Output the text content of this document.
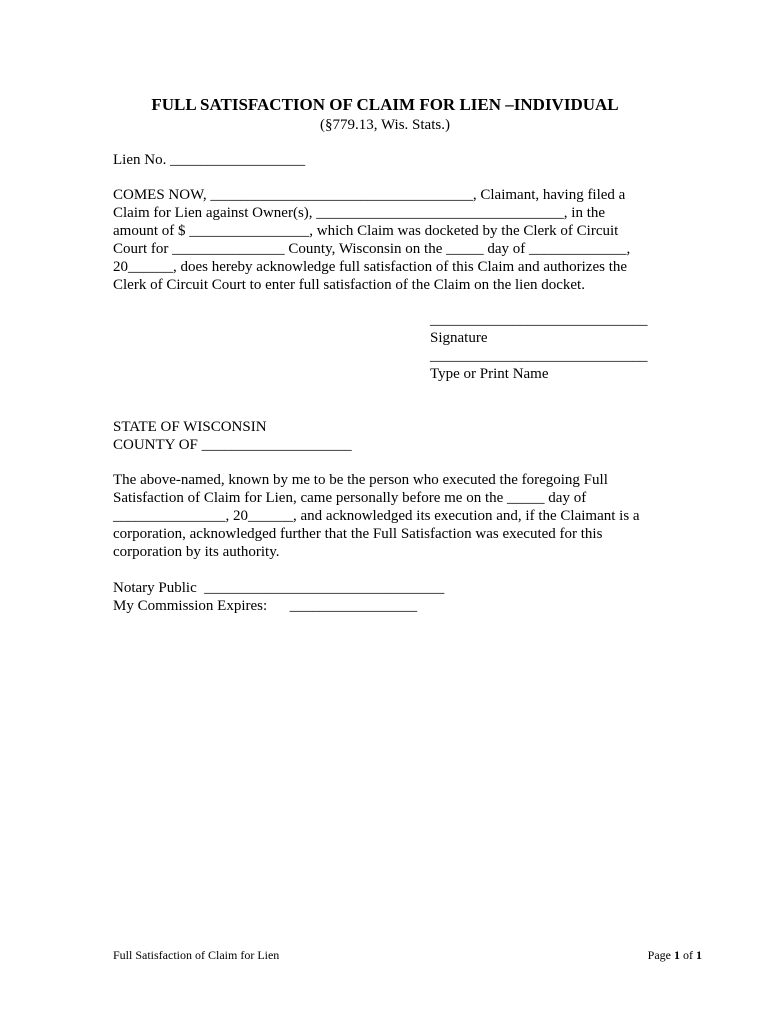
FULL SATISFACTION OF CLAIM FOR LIEN –INDIVIDUAL
(§779.13, Wis. Stats.)
Lien No. __________________
COMES NOW, ___________________________________, Claimant, having filed a
Claim for Lien against Owner(s), _________________________________, in the
amount of $ ________________, which Claim was docketed by the Clerk of Circuit
Court for _______________ County, Wisconsin on the _____ day of _____________,
20______, does hereby acknowledge full satisfaction of this Claim and authorizes the
Clerk of Circuit Court to enter full satisfaction of the Claim on the lien docket.
_____________________________
Signature
_____________________________
Type or Print Name
STATE OF WISCONSIN
COUNTY OF ____________________
The above-named, known by me to be the person who executed the foregoing Full
Satisfaction of Claim for Lien, came personally before me on the _____ day of
_______________, 20______, and acknowledged its execution and, if the Claimant is a
corporation, acknowledged further that the Full Satisfaction was executed for this
corporation by its authority.
Notary Public  ________________________________
My Commission Expires:      _________________
Full Satisfaction of Claim for Lien	Page 1 of 1
